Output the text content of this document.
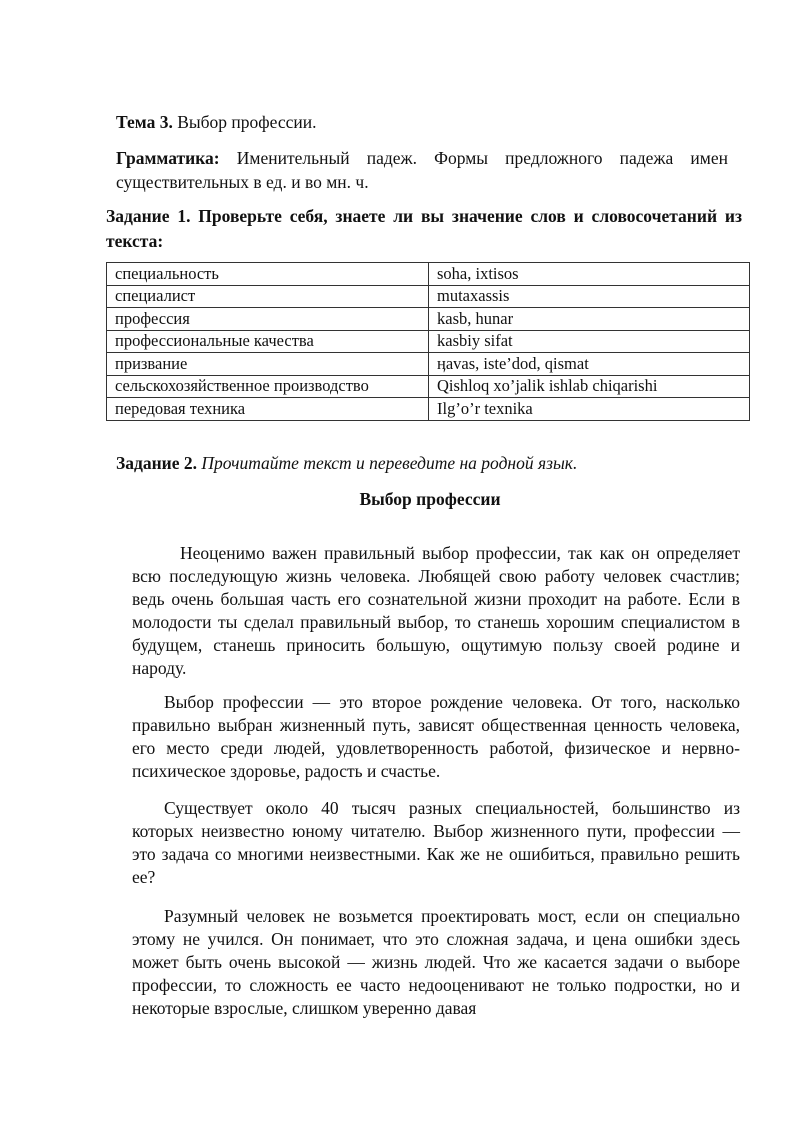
Тема 3. Выбор профессии.
Грамматика: Именительный падеж. Формы предложного падежа имен существительных в ед. и во мн. ч.
Задание 1. Проверьте себя, знаете ли вы значение слов и словосочетаний из текста:
специальность	soha, ixtisos
специалист	mutaxassis
профессия	kasb, hunar
профессиональные качества	kasbiy sifat
призвание	ӊavas, iste’dod, qismat
сельскохозяйственное производство	Qishloq xo’jalik ishlab chiqarishi
передовая техника	Ilg’o’r texnika
Задание 2. Прочитайте текст и переведите на родной язык.
Выбор профессии

Неоценимо важен правильный выбор профессии, так как он определяет всю последующую жизнь человека. Любящей свою работу человек счастлив; ведь очень большая часть его сознательной жизни проходит на работе. Если в молодости ты сделал правильный выбор, то станешь хорошим специалистом в будущем, станешь приносить большую, ощутимую пользу своей родине и народу.

Выбор профессии — это второе рождение человека. От того, насколько правильно выбран жизненный путь, зависят общественная ценность человека, его место среди людей, удовлетворенность работой, физическое и нервно-психическое здоровье, радость и счастье.

Существует около 40 тысяч разных специальностей, большинство из которых неизвестно юному читателю. Выбор жизненного пути, профессии — это задача со многими неизвестными. Как же не ошибиться, правильно решить ее?

Разумный человек не возьмется проектировать мост, если он специально этому не учился. Он понимает, что это сложная задача, и цена ошибки здесь может быть очень высокой — жизнь людей. Что же касается задачи о выборе профессии, то сложность ее часто недооценивают не только подростки, но и некоторые взрослые, слишком уверенно давая
